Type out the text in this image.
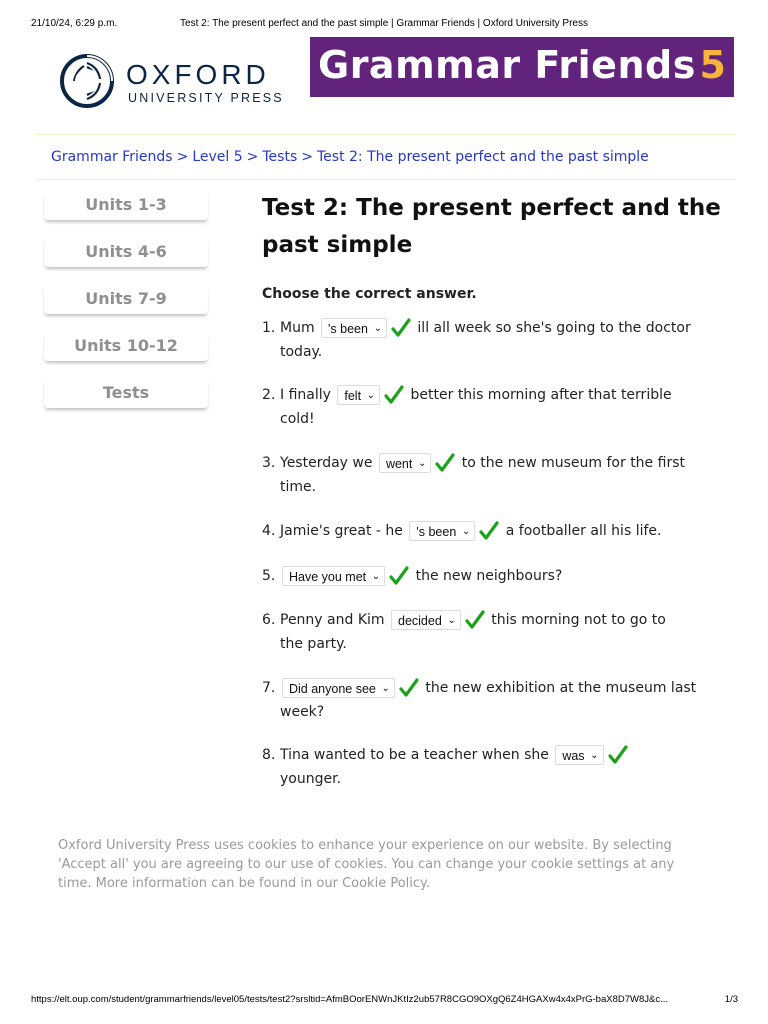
21/10/24, 6:29 p.m.	Test 2: The present perfect and the past simple | Grammar Friends | Oxford University Press
OXFORD
UNIVERSITY PRESS
Grammar Friends 5
Grammar Friends > Level 5 > Tests > Test 2: The present perfect and the past simple
Units 1-3
Units 4-6
Units 7-9
Units 10-12
Tests
Test 2: The present perfect and the past simple
Choose the correct answer.
1. Mum 's been ⌄	ill all week so she's going to the doctor
today.
2. I finally felt ⌄	better this morning after that terrible
cold!
3. Yesterday we went ⌄	to the new museum for the first
time.
4. Jamie's great - he 's been ⌄	a footballer all his life.
5. Have you met ⌄	the new neighbours?
6. Penny and Kim decided ⌄	this morning not to go to
the party.
7. Did anyone see ⌄	the new exhibition at the museum last
week?
8. Tina wanted to be a teacher when she was ⌄
younger.
Oxford University Press uses cookies to enhance your experience on our website. By selecting 'Accept all' you are agreeing to our use of cookies. You can change your cookie settings at any time. More information can be found in our Cookie Policy.
https://elt.oup.com/student/grammarfriends/level05/tests/test2?srsltid=AfmBOorENWnJKtIz2ub57R8CGO9OXgQ6Z4HGAXw4x4xPrG-baX8D7W8J&c...	1/3
